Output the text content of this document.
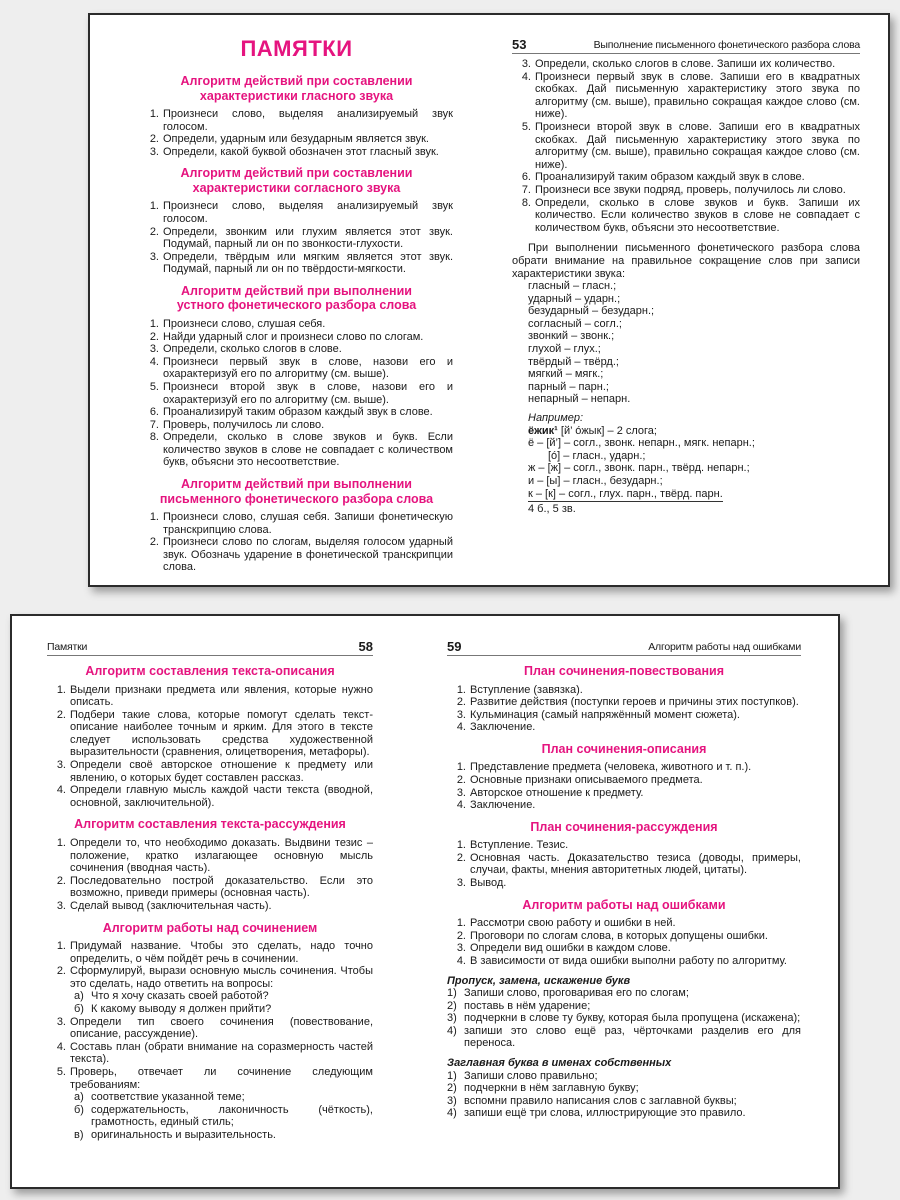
ПАМЯТКИ
Алгоритм действий при составлении
характеристики гласного звука
1. Произнеси слово, выделяя анализируемый звук голосом.
2. Определи, ударным или безударным является звук.
3. Определи, какой буквой обозначен этот гласный звук.
Алгоритм действий при составлении
характеристики согласного звука
1. Произнеси слово, выделяя анализируемый звук голосом.
2. Определи, звонким или глухим является этот звук. Подумай, парный ли он по звонкости-глухости.
3. Определи, твёрдым или мягким является этот звук. Подумай, парный ли он по твёрдости-мягкости.
Алгоритм действий при выполнении
устного фонетического разбора слова
1. Произнеси слово, слушая себя.
2. Найди ударный слог и произнеси слово по слогам.
3. Определи, сколько слогов в слове.
4. Произнеси первый звук в слове, назови его и охарактеризуй его по алгоритму (см. выше).
5. Произнеси второй звук в слове, назови его и охарактеризуй его по алгоритму (см. выше).
6. Проанализируй таким образом каждый звук в слове.
7. Проверь, получилось ли слово.
8. Определи, сколько в слове звуков и букв. Если количество звуков в слове не совпадает с количеством букв, объясни это несоответствие.
Алгоритм действий при выполнении
письменного фонетического разбора слова
1. Произнеси слово, слушая себя. Запиши фонетическую транскрипцию слова.
2. Произнеси слово по слогам, выделяя голосом ударный звук. Обозначь ударение в фонетической транскрипции слова.
53	Выполнение письменного фонетического разбора слова
3. Определи, сколько слогов в слове. Запиши их количество.
4. Произнеси первый звук в слове. Запиши его в квадратных скобках. Дай письменную характеристику этого звука по алгоритму (см. выше), правильно сокращая каждое слово (см. ниже).
5. Произнеси второй звук в слове. Запиши его в квадратных скобках. Дай письменную характеристику этого звука по алгоритму (см. выше), правильно сокращая каждое слово (см. ниже).
6. Проанализируй таким образом каждый звук в слове.
7. Произнеси все звуки подряд, проверь, получилось ли слово.
8. Определи, сколько в слове звуков и букв. Запиши их количество. Если количество звуков в слове не совпадает с количеством букв, объясни это несоответствие.
При выполнении письменного фонетического разбора слова обрати внимание на правильное сокращение слов при записи характеристики звука:
гласный – гласн.;
ударный – ударн.;
безударный – безударн.;
согласный – согл.;
звонкий – звонк.;
глухой – глух.;
твёрдый – твёрд.;
мягкий – мягк.;
парный – парн.;
непарный – непарн.
Например:
ёжик¹ [й’ óжык] – 2 слога;
ё – [й’] – согл., звонк. непарн., мягк. непарн.;
[ó] – гласн., ударн.;
ж – [ж] – согл., звонк. парн., твёрд. непарн.;
и – [ы] – гласн., безударн.;
к – [к] – согл., глух. парн., твёрд. парн.
4 б., 5 зв.
Памятки	58
Алгоритм составления текста-описания
1. Выдели признаки предмета или явления, которые нужно описать.
2. Подбери такие слова, которые помогут сделать текст-описание наиболее точным и ярким. Для этого в тексте следует использовать средства художественной выразительности (сравнения, олицетворения, метафоры).
3. Определи своё авторское отношение к предмету или явлению, о которых будет составлен рассказ.
4. Определи главную мысль каждой части текста (вводной, основной, заключительной).
Алгоритм составления текста-рассуждения
1. Определи то, что необходимо доказать. Выдвини тезис – положение, кратко излагающее основную мысль сочинения (вводная часть).
2. Последовательно построй доказательство. Если это возможно, приведи примеры (основная часть).
3. Сделай вывод (заключительная часть).
Алгоритм работы над сочинением
1. Придумай название. Чтобы это сделать, надо точно определить, о чём пойдёт речь в сочинении.
2. Сформулируй, вырази основную мысль сочинения. Чтобы это сделать, надо ответить на вопросы:
а) Что я хочу сказать своей работой?
б) К какому выводу я должен прийти?
3. Определи тип своего сочинения (повествование, описание, рассуждение).
4. Составь план (обрати внимание на соразмерность частей текста).
5. Проверь, отвечает ли сочинение следующим требованиям:
а) соответствие указанной теме;
б) содержательность, лаконичность (чёткость), грамотность, единый стиль;
в) оригинальность и выразительность.
59	Алгоритм работы над ошибками
План сочинения-повествования
1. Вступление (завязка).
2. Развитие действия (поступки героев и причины этих поступков).
3. Кульминация (самый напряжённый момент сюжета).
4. Заключение.
План сочинения-описания
1. Представление предмета (человека, животного и т. п.).
2. Основные признаки описываемого предмета.
3. Авторское отношение к предмету.
4. Заключение.
План сочинения-рассуждения
1. Вступление. Тезис.
2. Основная часть. Доказательство тезиса (доводы, примеры, случаи, факты, мнения авторитетных людей, цитаты).
3. Вывод.
Алгоритм работы над ошибками
1. Рассмотри свою работу и ошибки в ней.
2. Проговори по слогам слова, в которых допущены ошибки.
3. Определи вид ошибки в каждом слове.
4. В зависимости от вида ошибки выполни работу по алгоритму.
Пропуск, замена, искажение букв
1) Запиши слово, проговаривая его по слогам;
2) поставь в нём ударение;
3) подчеркни в слове ту букву, которая была пропущена (искажена);
4) запиши это слово ещё раз, чёрточками разделив его для переноса.
Заглавная буква в именах собственных
1) Запиши слово правильно;
2) подчеркни в нём заглавную букву;
3) вспомни правило написания слов с заглавной буквы;
4) запиши ещё три слова, иллюстрирующие это правило.
